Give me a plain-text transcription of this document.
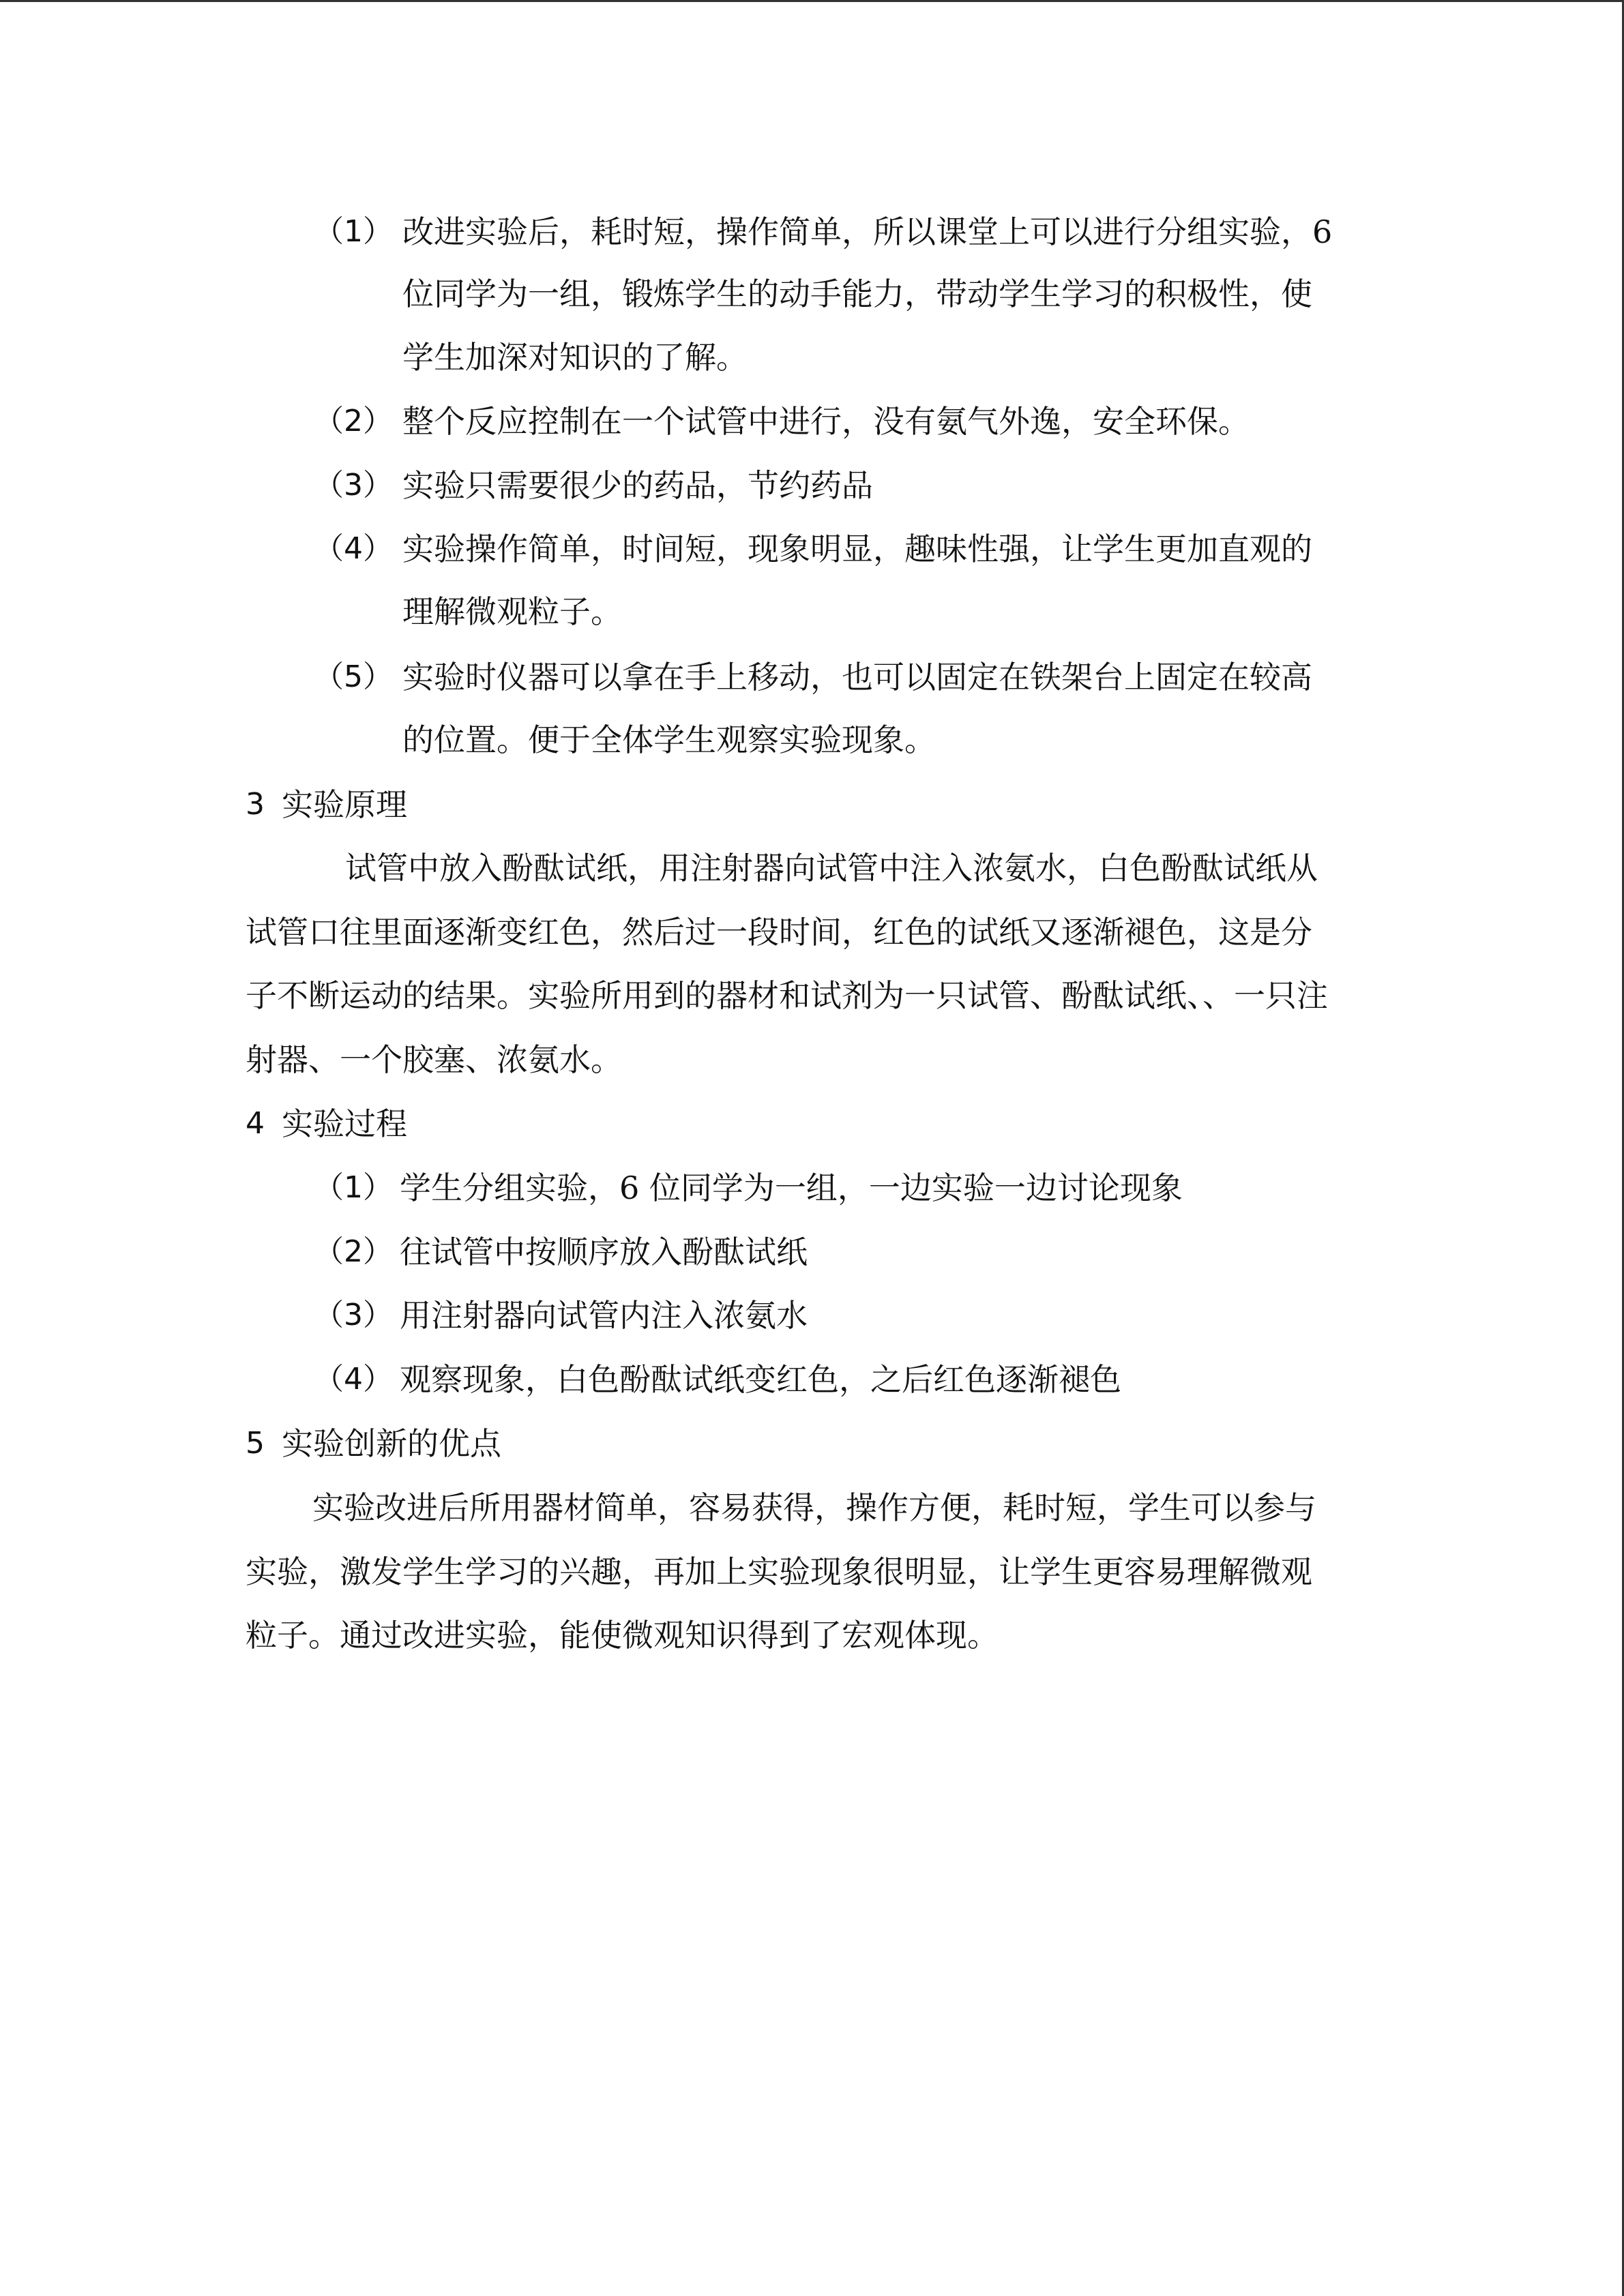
（1） 改进实验后，耗时短，操作简单，所以课堂上可以进行分组实验，6
位同学为一组，锻炼学生的动手能力，带动学生学习的积极性，使
学生加深对知识的了解。
（2） 整个反应控制在一个试管中进行，没有氨气外逸，安全环保。
（3） 实验只需要很少的药品，节约药品
（4） 实验操作简单，时间短，现象明显，趣味性强，让学生更加直观的
理解微观粒子。
（5） 实验时仪器可以拿在手上移动，也可以固定在铁架台上固定在较高
的位置。便于全体学生观察实验现象。
3 实验原理
试管中放入酚酞试纸，用注射器向试管中注入浓氨水，白色酚酞试纸从
试管口往里面逐渐变红色，然后过一段时间，红色的试纸又逐渐褪色，这是分
子不断运动的结果。实验所用到的器材和试剂为一只试管、酚酞试纸、、一只注
射器、一个胶塞、浓氨水。
4 实验过程
（1） 学生分组实验，6 位同学为一组，一边实验一边讨论现象
（2） 往试管中按顺序放入酚酞试纸
（3） 用注射器向试管内注入浓氨水
（4） 观察现象，白色酚酞试纸变红色，之后红色逐渐褪色
5 实验创新的优点
实验改进后所用器材简单，容易获得，操作方便，耗时短，学生可以参与
实验，激发学生学习的兴趣，再加上实验现象很明显，让学生更容易理解微观
粒子。通过改进实验，能使微观知识得到了宏观体现。
